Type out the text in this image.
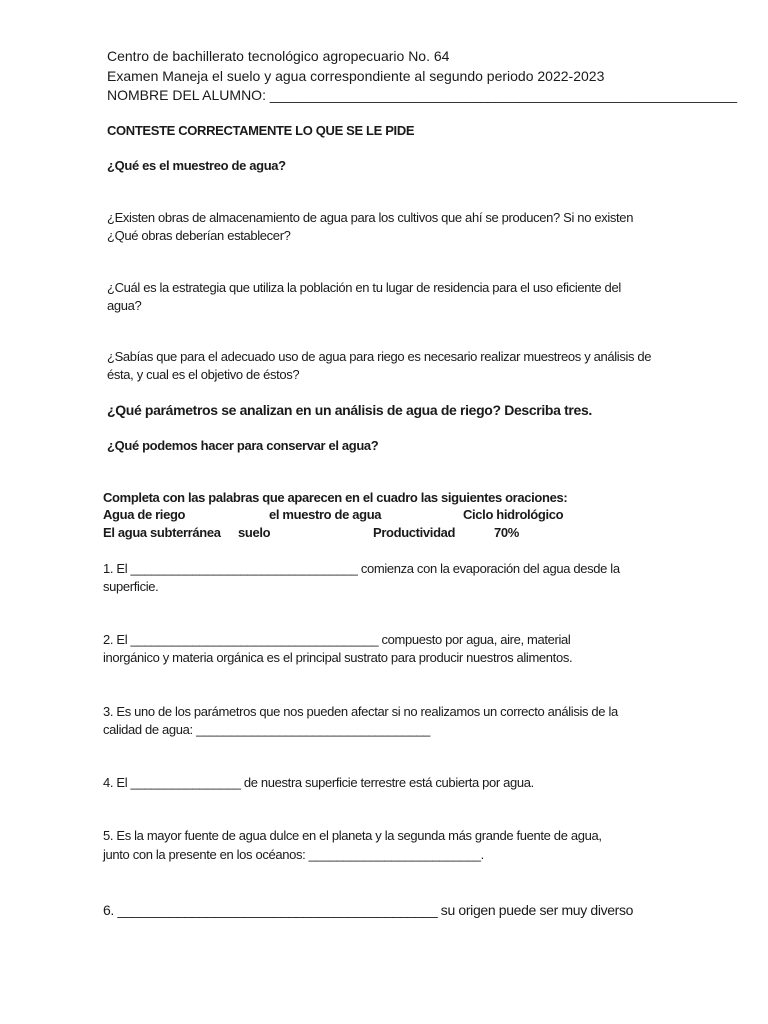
Centro de bachillerato tecnológico agropecuario No. 64
Examen Maneja el suelo y agua correspondiente al segundo periodo 2022-2023
NOMBRE DEL ALUMNO: ____________________________________________________________
CONTESTE CORRECTAMENTE LO QUE SE LE PIDE
¿Qué es el muestreo de agua?
¿Existen obras de almacenamiento de agua para los cultivos que ahí se producen? Si no existen
¿Qué obras deberían establecer?
¿Cuál es la estrategia que utiliza la población en tu lugar de residencia para el uso eficiente del
agua?
¿Sabías que para el adecuado uso de agua para riego es necesario realizar muestreos y análisis de
ésta, y cual es el objetivo de éstos?
¿Qué parámetros se analizan en un análisis de agua de riego? Describa tres.
¿Qué podemos hacer para conservar el agua?
Completa con las palabras que aparecen en el cuadro las siguientes oraciones:
Agua de riego	el muestro de agua	Ciclo hidrológico
El agua subterránea suelo	Productividad	70%
1. El _________________________________ comienza con la evaporación del agua desde la
superficie.
2. El ____________________________________ compuesto por agua, aire, material
inorgánico y materia orgánica es el principal sustrato para producir nuestros alimentos.
3. Es uno de los parámetros que nos pueden afectar si no realizamos un correcto análisis de la
calidad de agua: __________________________________
4. El ________________ de nuestra superficie terrestre está cubierta por agua.
5. Es la mayor fuente de agua dulce en el planeta y la segunda más grande fuente de agua,
junto con la presente en los océanos: _________________________.
6. ___________________________________________ su origen puede ser muy diverso
